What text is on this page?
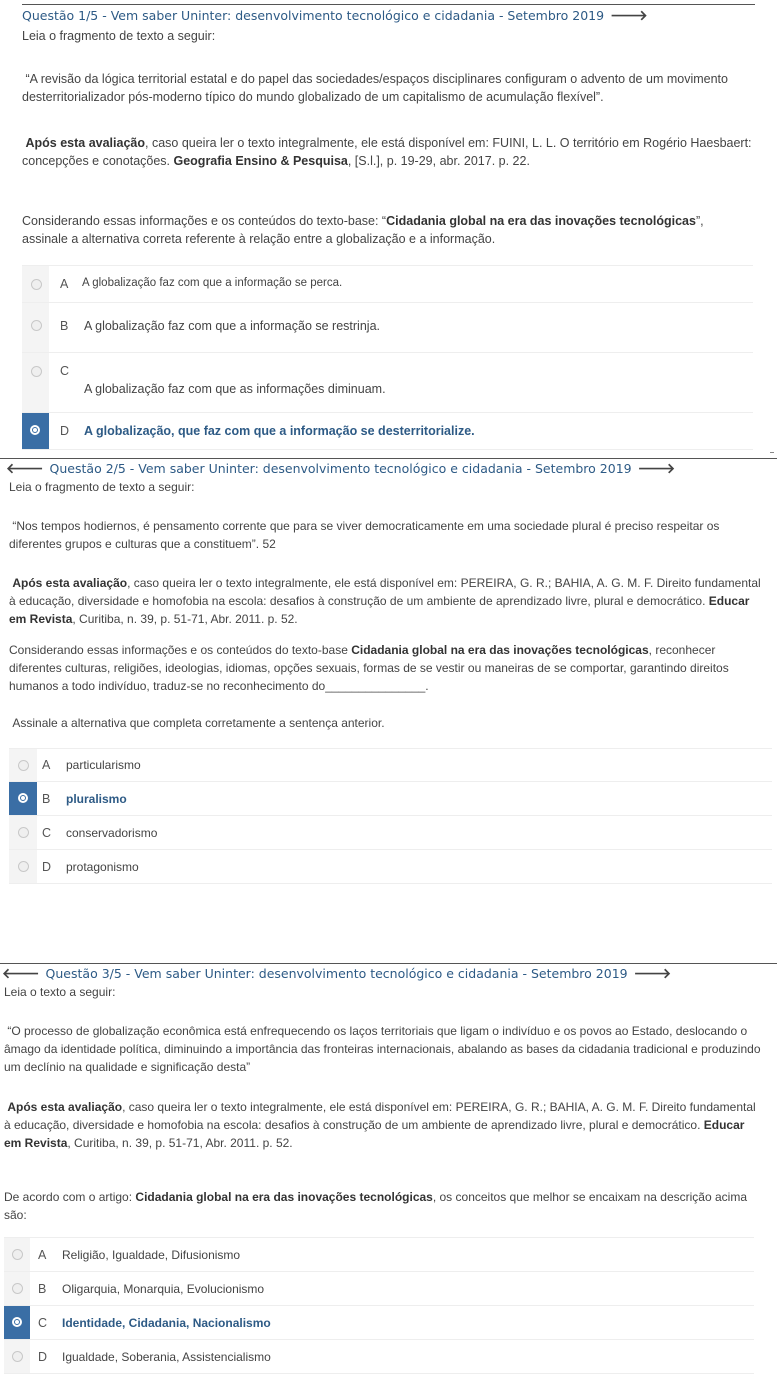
Questão 1/5 - Vem saber Uninter: desenvolvimento tecnológico e cidadania - Setembro 2019 🡒
Leia o fragmento de texto a seguir:
“A revisão da lógica territorial estatal e do papel das sociedades/espaços disciplinares configuram o advento de um movimento desterritorializador pós-moderno típico do mundo globalizado de um capitalismo de acumulação flexível”.
Após esta avaliação, caso queira ler o texto integralmente, ele está disponível em: FUINI, L. L. O território em Rogério Haesbaert: concepções e conotações. Geografia Ensino & Pesquisa, [S.l.], p. 19-29, abr. 2017. p. 22.
Considerando essas informações e os conteúdos do texto-base: “Cidadania global na era das inovações tecnológicas”, assinale a alternativa correta referente à relação entre a globalização e a informação.
A A globalização faz com que a informação se perca.
B A globalização faz com que a informação se restrinja.
C
A globalização faz com que as informações diminuam.
D A globalização, que faz com que a informação se desterritorialize.
🡐 Questão 2/5 - Vem saber Uninter: desenvolvimento tecnológico e cidadania - Setembro 2019 🡒
Leia o fragmento de texto a seguir:
“Nos tempos hodiernos, é pensamento corrente que para se viver democraticamente em uma sociedade plural é preciso respeitar os diferentes grupos e culturas que a constituem”. 52
Após esta avaliação, caso queira ler o texto integralmente, ele está disponível em: PEREIRA, G. R.; BAHIA, A. G. M. F. Direito fundamental à educação, diversidade e homofobia na escola: desafios à construção de um ambiente de aprendizado livre, plural e democrático. Educar em Revista, Curitiba, n. 39, p. 51-71, Abr. 2011. p. 52.
Considerando essas informações e os conteúdos do texto-base Cidadania global na era das inovações tecnológicas, reconhecer diferentes culturas, religiões, ideologias, idiomas, opções sexuais, formas de se vestir ou maneiras de se comportar, garantindo direitos humanos a todo indivíduo, traduz-se no reconhecimento do_______________.
Assinale a alternativa que completa corretamente a sentença anterior.
A particularismo
B pluralismo
C conservadorismo
D protagonismo
🡐 Questão 3/5 - Vem saber Uninter: desenvolvimento tecnológico e cidadania - Setembro 2019 🡒
Leia o texto a seguir:
“O processo de globalização econômica está enfrequecendo os laços territoriais que ligam o indivíduo e os povos ao Estado, deslocando o âmago da identidade política, diminuindo a importância das fronteiras internacionais, abalando as bases da cidadania tradicional e produzindo um declínio na qualidade e significação desta”
Após esta avaliação, caso queira ler o texto integralmente, ele está disponível em: PEREIRA, G. R.; BAHIA, A. G. M. F. Direito fundamental à educação, diversidade e homofobia na escola: desafios à construção de um ambiente de aprendizado livre, plural e democrático. Educar em Revista, Curitiba, n. 39, p. 51-71, Abr. 2011. p. 52.
De acordo com o artigo: Cidadania global na era das inovações tecnológicas, os conceitos que melhor se encaixam na descrição acima são:
A Religião, Igualdade, Difusionismo
B Oligarquia, Monarquia, Evolucionismo
C Identidade, Cidadania, Nacionalismo
D Igualdade, Soberania, Assistencialismo
